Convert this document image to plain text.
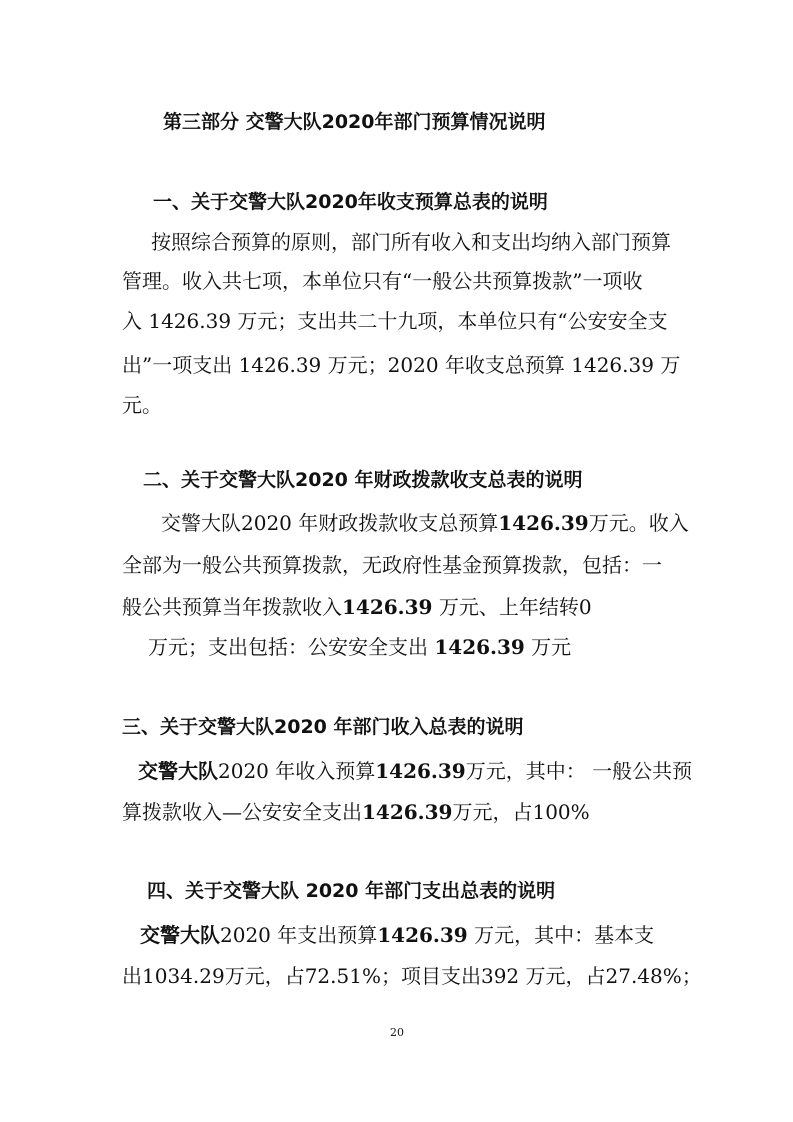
第三部分 交警大队2020年部门预算情况说明
一、关于交警大队2020年收支预算总表的说明
按照综合预算的原则，部门所有收入和支出均纳入部门预算
管理。收入共七项，本单位只有“一般公共预算拨款”一项收
入 1426.39 万元；支出共二十九项，本单位只有“公安安全支
出”一项支出 1426.39 万元；2020 年收支总预算 1426.39 万
元。
二、关于交警大队2020 年财政拨款收支总表的说明
交警大队2020 年财政拨款收支总预算1426.39万元。收入
全部为一般公共预算拨款，无政府性基金预算拨款，包括：一
般公共预算当年拨款收入1426.39 万元、上年结转0
万元；支出包括：公安安全支出 1426.39 万元
三、关于交警大队2020 年部门收入总表的说明
交警大队2020 年收入预算1426.39万元，其中： 一般公共预
算拨款收入—公安安全支出1426.39万元，占100%
四、关于交警大队 2020 年部门支出总表的说明
交警大队2020 年支出预算1426.39 万元，其中：基本支
出1034.29万元，占72.51%；项目支出392 万元，占27.48%；
20
